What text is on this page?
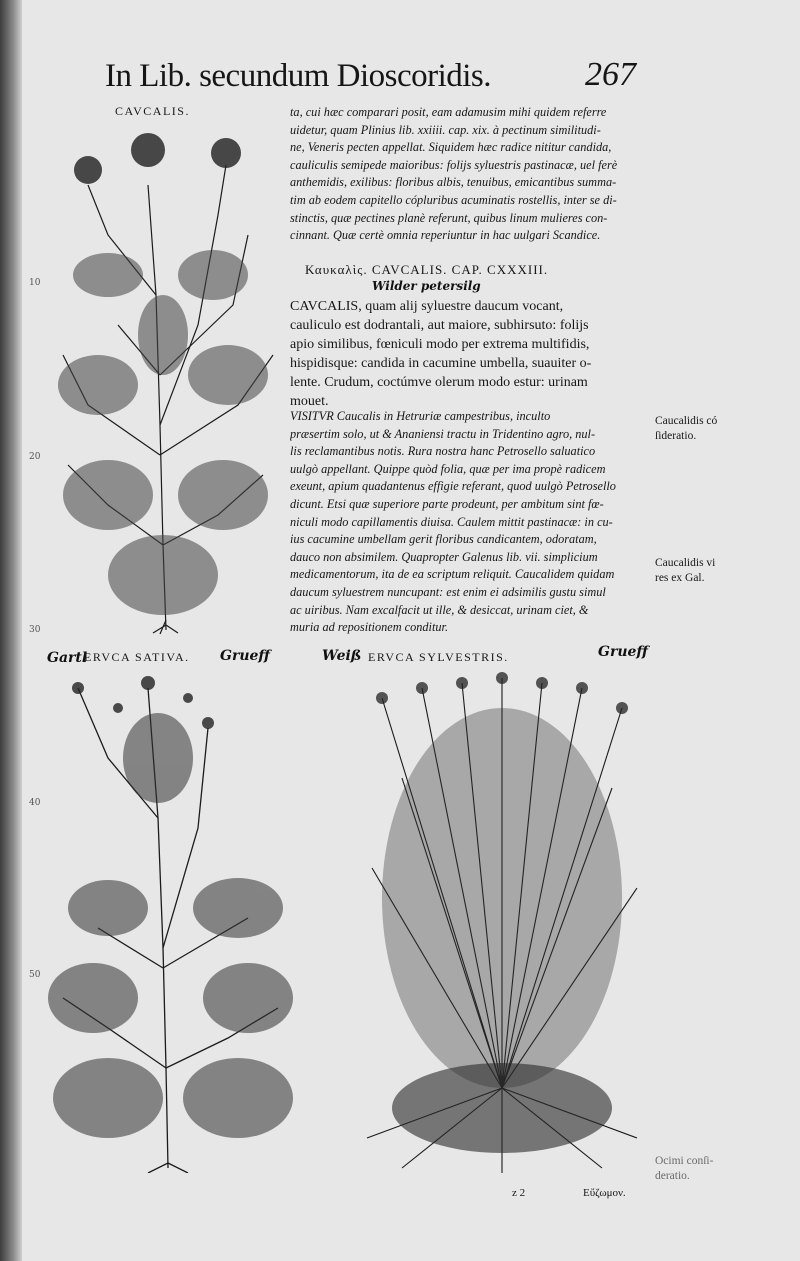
10
20
30
40
50
In Lib. secundum Dioscoridis.	267
CAVCALIS.	ta, cui hæc comparari posit, eam adamusim mihi quidem referre
uidetur, quam Plinius lib. xxiiii. cap. xix. à pectinum similitudi-
ne, Veneris pecten appellat. Siquidem hæc radice nititur candida,
cauliculis semipede maioribus: folijs syluestris pastinacæ, uel ferè
anthemidis, exilibus: floribus albis, tenuibus, emicantibus summa-
tim ab eodem capitello cópluribus acuminatis rostellis, inter se di-
stinctis, quæ pectines planè referunt, quibus linum mulieres con-
cinnant. Quæ certè omnia reperiuntur in hac uulgari Scandice.
Καυκαλὶς. CAVCALIS. CAP. CXXXIII.
Wilder petersilg
CAVCALIS, quam alij syluestre daucum vocant,
cauliculo est dodrantali, aut maiore, subhirsuto: folijs
apio similibus, fœniculi modo per extrema multifidis,
hispidisque: candida in cacumine umbella, suauiter o-
lente. Crudum, coctúmve olerum modo estur: urinam
mouet.
VISITVR Caucalis in Hetruriæ campestribus, inculto
præsertim solo, ut & Ananiensi tractu in Tridentino agro, nul-
lis reclamantibus notis. Rura nostra hanc Petrosello saluatico
uulgò appellant. Quippe quòd folia, quæ per ima propè radicem
exeunt, apium quadantenus effigie referant, quod uulgò Petrosello
dicunt. Etsi quæ superiore parte prodeunt, per ambitum sint fœ-
niculi modo capillamentis diuisa. Caulem mittit pastinacæ: in cu-
ius cacumine umbellam gerit floribus candicantem, odoratam,
dauco non absimilem. Quapropter Galenus lib. vii. simplicium
medicamentorum, ita de ea scriptum reliquit. Caucalidem quidam
daucum syluestrem nuncupant: est enim ei adsimilis gustu simul
ac uiribus. Nam excalfacit ut ille, & desiccat, urinam ciet, &
muria ad repositionem conditur.
Caucalidis có
ſideratio.
Caucalidis vi
res ex Gal.
Ocimi conſi-
deratio.
Gartl
ERVCA SATIVA. Grueff	Weiß ERVCA SYLVESTRIS.	Grueff
z 2	Εὔζωμον.
